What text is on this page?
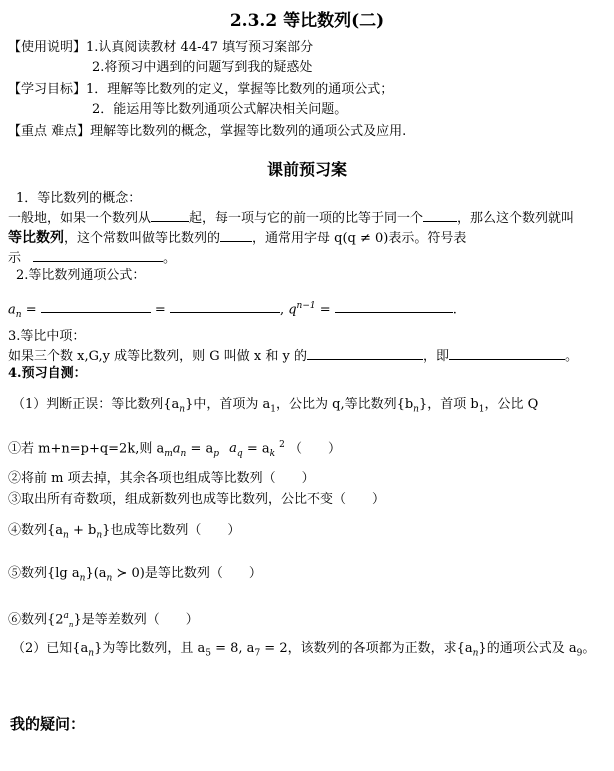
2.3.2 等比数列(二)
【使用说明】1.认真阅读教材 44-47 填写预习案部分
2.将预习中遇到的问题写到我的疑惑处
【学习目标】1．理解等比数列的定义，掌握等比数列的通项公式；
2．能运用等比数列通项公式解决相关问题。
【重点 难点】理解等比数列的概念，掌握等比数列的通项公式及应用.
课前预习案
1．等比数列的概念：
一般地，如果一个数列从	起，每一项与它的前一项的比等于同一个	，那么这个数列就叫
等比数列，这个常数叫做等比数列的 ，通常用字母 q(q ≠ 0)表示。符号表
示	。
2.等比数列通项公式：
$a_n$ =	=	, $q^{n-1}$ =	.
3.等比中项：
如果三个数 x,G,y 成等比数列，则 G 叫做 x 和 y 的	，即	。
4.预习自测：
（1）判断正误：等比数列$\{a_n\}$中，首项为 $a_1$，公比为 q,等比数列$\{b_n\}$，首项 $b_1$，公比 Q
①若 m+n=p+q=2k,则 $a_ma_n = a_p$ $a_q = a_k^2$ （　　）
②将前 m 项去掉，其余各项也组成等比数列（　　）
③取出所有奇数项，组成新数列也成等比数列，公比不变（　　）
④数列$\{a_n + b_n\}$也成等比数列（　　）
⑤数列{lg $a_n\}(a_n$ ≻ 0)是等比数列（　　）
⑥数列$\{2^a_n\}$是等差数列（　　）
（2）已知$\{a_n\}$为等比数列，且 $a_5 = 8$, $a_7 = 2$，该数列的各项都为正数，求$\{a_n\}$的通项公式及 $a_9$。
我的疑问：
